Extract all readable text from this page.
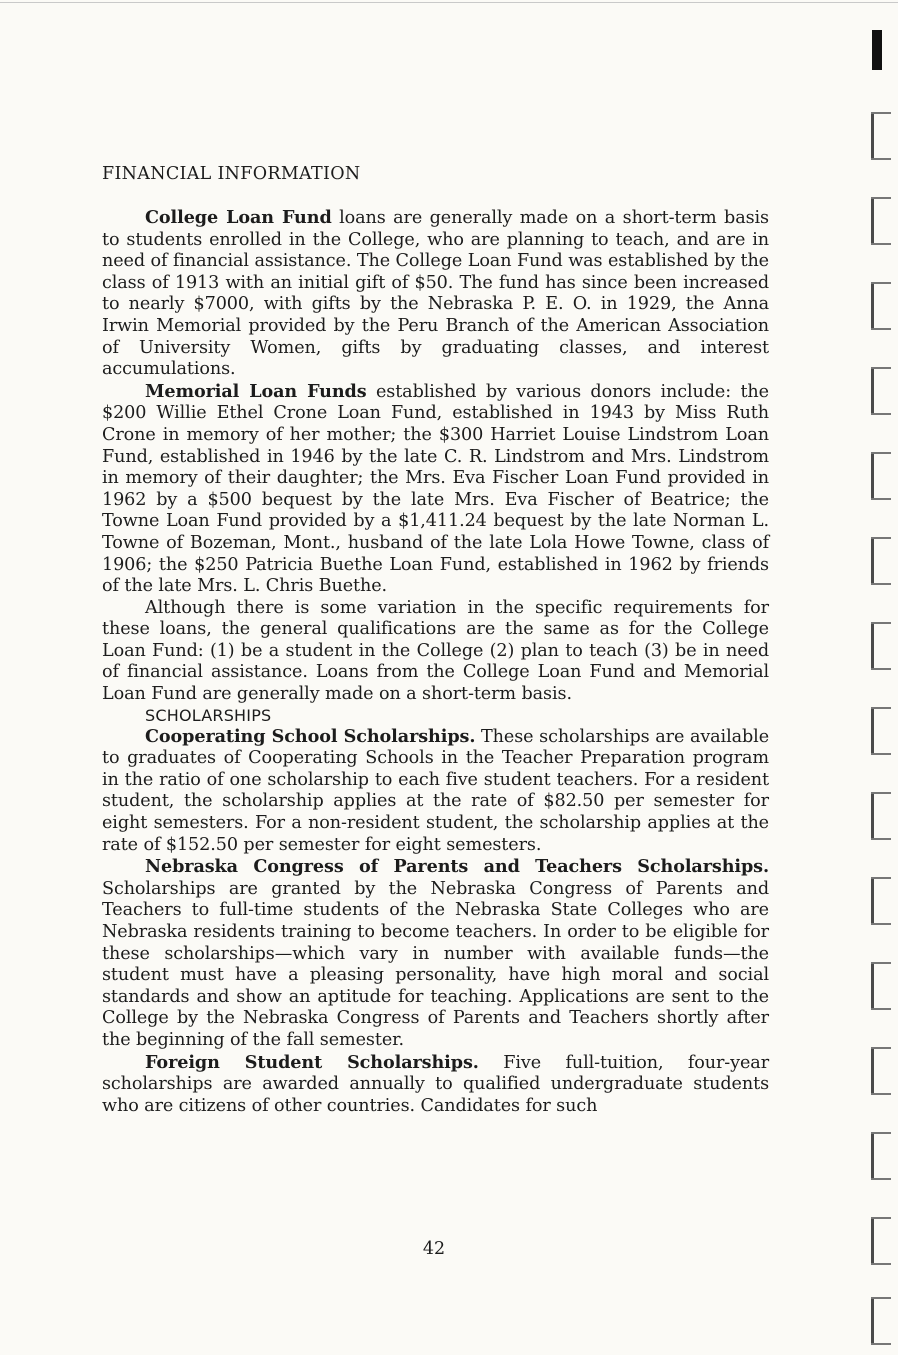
FINANCIAL INFORMATION

College Loan Fund loans are generally made on a short-term basis to students enrolled in the College, who are planning to teach, and are in need of financial assistance. The College Loan Fund was established by the class of 1913 with an initial gift of $50. The fund has since been increased to nearly $7000, with gifts by the Nebraska P. E. O. in 1929, the Anna Irwin Memorial provided by the Peru Branch of the American Association of University Women, gifts by graduating classes, and interest accumulations.

Memorial Loan Funds established by various donors include: the $200 Willie Ethel Crone Loan Fund, established in 1943 by Miss Ruth Crone in memory of her mother; the $300 Harriet Louise Lindstrom Loan Fund, established in 1946 by the late C. R. Lindstrom and Mrs. Lindstrom in memory of their daughter; the Mrs. Eva Fischer Loan Fund provided in 1962 by a $500 bequest by the late Mrs. Eva Fischer of Beatrice; the Towne Loan Fund provided by a $1,411.24 bequest by the late Norman L. Towne of Bozeman, Mont., husband of the late Lola Howe Towne, class of 1906; the $250 Patricia Buethe Loan Fund, established in 1962 by friends of the late Mrs. L. Chris Buethe.

Although there is some variation in the specific requirements for these loans, the general qualifications are the same as for the College Loan Fund: (1) be a student in the College (2) plan to teach (3) be in need of financial assistance. Loans from the College Loan Fund and Memorial Loan Fund are generally made on a short-term basis.

SCHOLARSHIPS

Cooperating School Scholarships. These scholarships are available to graduates of Cooperating Schools in the Teacher Preparation program in the ratio of one scholarship to each five student teachers. For a resident student, the scholarship applies at the rate of $82.50 per semester for eight semesters. For a non-resident student, the scholarship applies at the rate of $152.50 per semester for eight semesters.

Nebraska Congress of Parents and Teachers Scholarships. Scholarships are granted by the Nebraska Congress of Parents and Teachers to full-time students of the Nebraska State Colleges who are Nebraska residents training to become teachers. In order to be eligible for these scholarships—which vary in number with available funds—the student must have a pleasing personality, have high moral and social standards and show an aptitude for teaching. Applications are sent to the College by the Nebraska Congress of Parents and Teachers shortly after the beginning of the fall semester.

Foreign Student Scholarships. Five full-tuition, four-year scholarships are awarded annually to qualified undergraduate students who are citizens of other countries. Candidates for such

42
